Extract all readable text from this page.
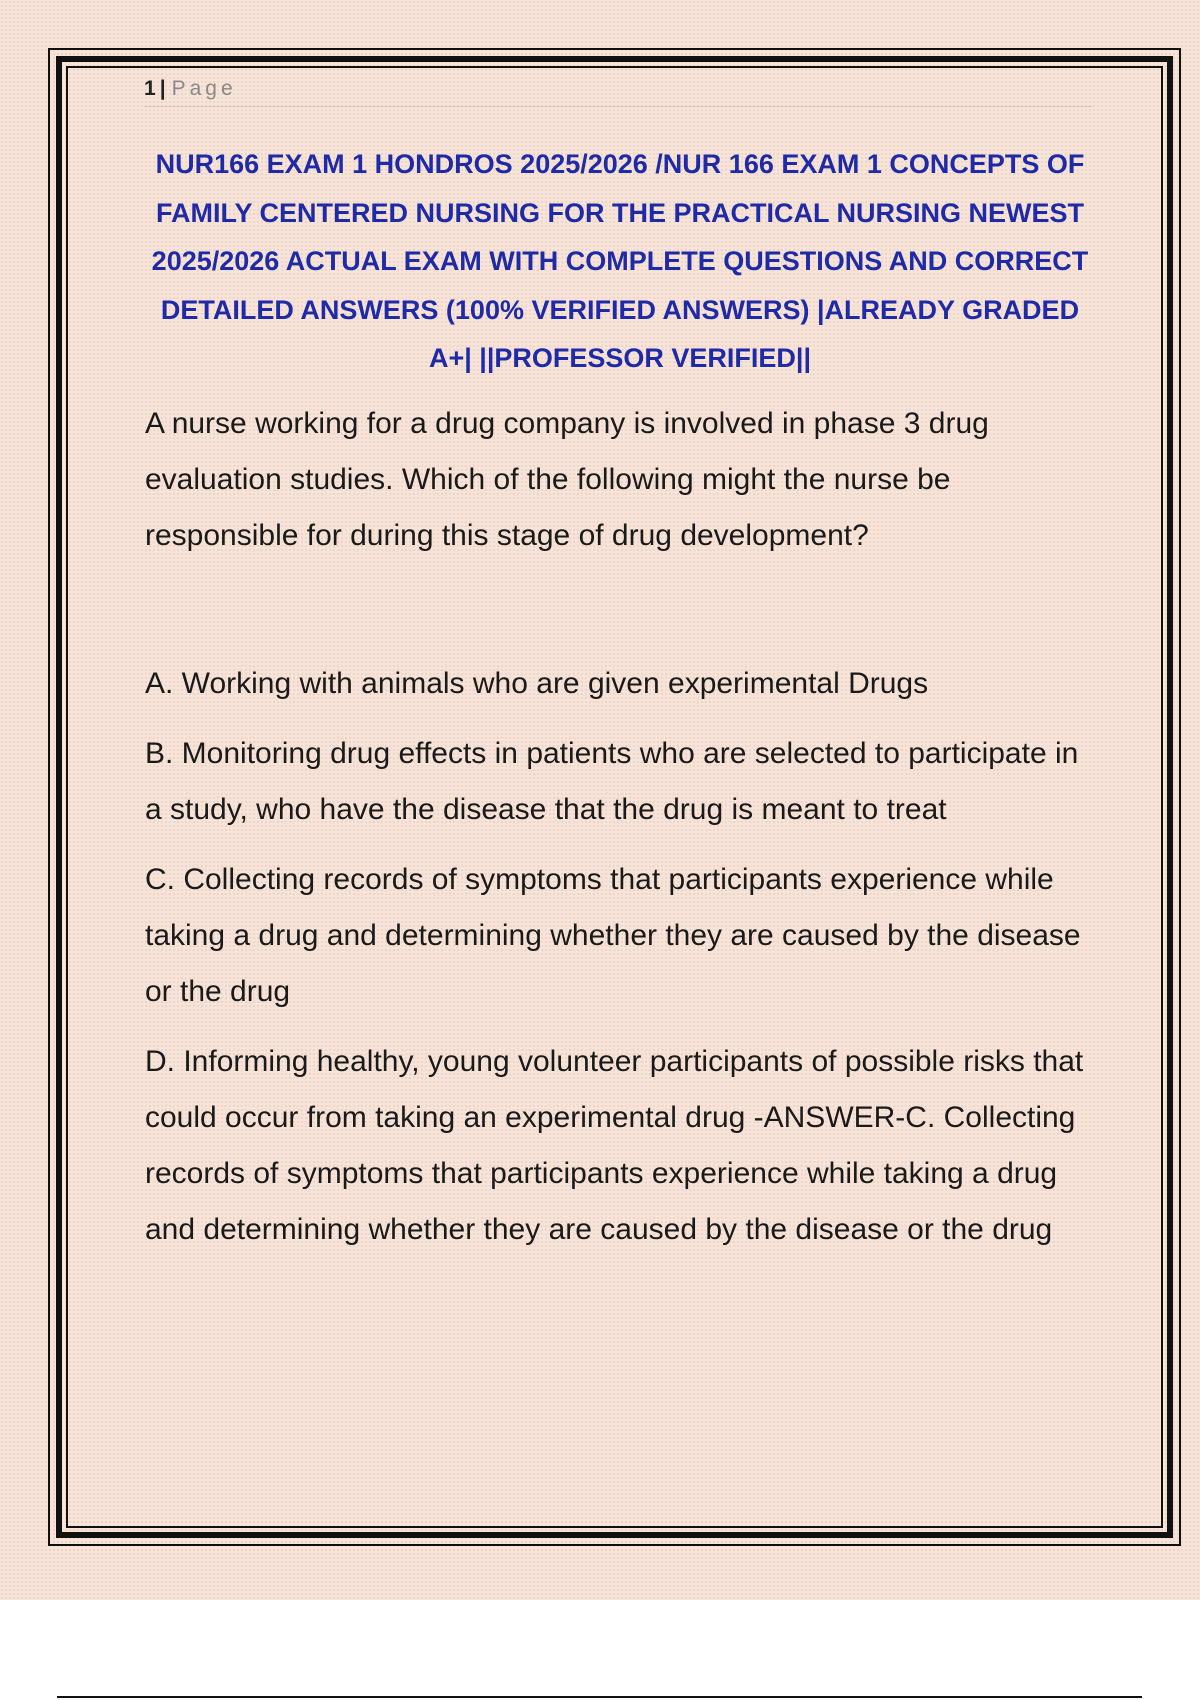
1 | Page
NUR166 EXAM 1 HONDROS 2025/2026 /NUR 166 EXAM 1 CONCEPTS OF FAMILY CENTERED NURSING FOR THE PRACTICAL NURSING NEWEST 2025/2026 ACTUAL EXAM WITH COMPLETE QUESTIONS AND CORRECT DETAILED ANSWERS (100% VERIFIED ANSWERS) |ALREADY GRADED A+| ||PROFESSOR VERIFIED||

A nurse working for a drug company is involved in phase 3 drug evaluation studies. Which of the following might the nurse be responsible for during this stage of drug development?

A. Working with animals who are given experimental Drugs

B. Monitoring drug effects in patients who are selected to participate in a study, who have the disease that the drug is meant to treat

C. Collecting records of symptoms that participants experience while taking a drug and determining whether they are caused by the disease or the drug

D. Informing healthy, young volunteer participants of possible risks that could occur from taking an experimental drug -ANSWER-C. Collecting records of symptoms that participants experience while taking a drug and determining whether they are caused by the disease or the drug
